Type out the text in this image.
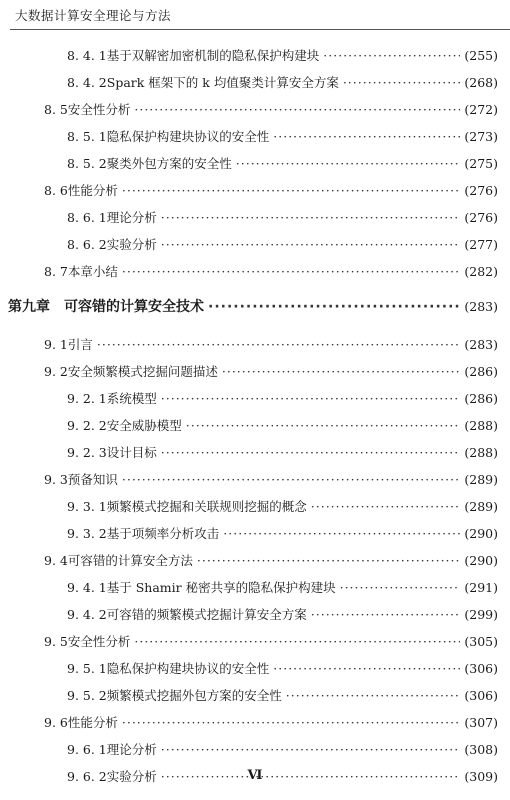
大数据计算安全理论与方法
8. 4. 1 基于双解密加密机制的隐私保护构建块 ·····	(255)
8. 4. 2 Spark 框架下的 k 均值聚类计算安全方案 ·····	(268)
8. 5 安全性分析 ·····	(272)
8. 5. 1 隐私保护构建块协议的安全性 ·····	(273)
8. 5. 2 聚类外包方案的安全性 ·····	(275)
8. 6 性能分析 ·····	(276)
8. 6. 1 理论分析 ·····	(276)
8. 6. 2 实验分析 ·····	(277)
8. 7 本章小结 ·····	(282)
第九章 可容错的计算安全技术 ·····	(283)
9. 1 引言 ·····	(283)
9. 2 安全频繁模式挖掘问题描述 ·····	(286)
9. 2. 1 系统模型 ·····	(286)
9. 2. 2 安全威胁模型 ·····	(288)
9. 2. 3 设计目标 ·····	(288)
9. 3 预备知识 ·····	(289)
9. 3. 1 频繁模式挖掘和关联规则挖掘的概念 ·····	(289)
9. 3. 2 基于项频率分析攻击 ·····	(290)
9. 4 可容错的计算安全方法 ·····	(290)
9. 4. 1 基于 Shamir 秘密共享的隐私保护构建块 ·····	(291)
9. 4. 2 可容错的频繁模式挖掘计算安全方案 ·····	(299)
9. 5 安全性分析 ·····	(305)
9. 5. 1 隐私保护构建块协议的安全性 ·····	(306)
9. 5. 2 频繁模式挖掘外包方案的安全性 ·····	(306)
9. 6 性能分析 ·····	(307)
9. 6. 1 理论分析 ·····	(308)
9. 6. 2 实验分析 ·····	(309)
Ⅵ
